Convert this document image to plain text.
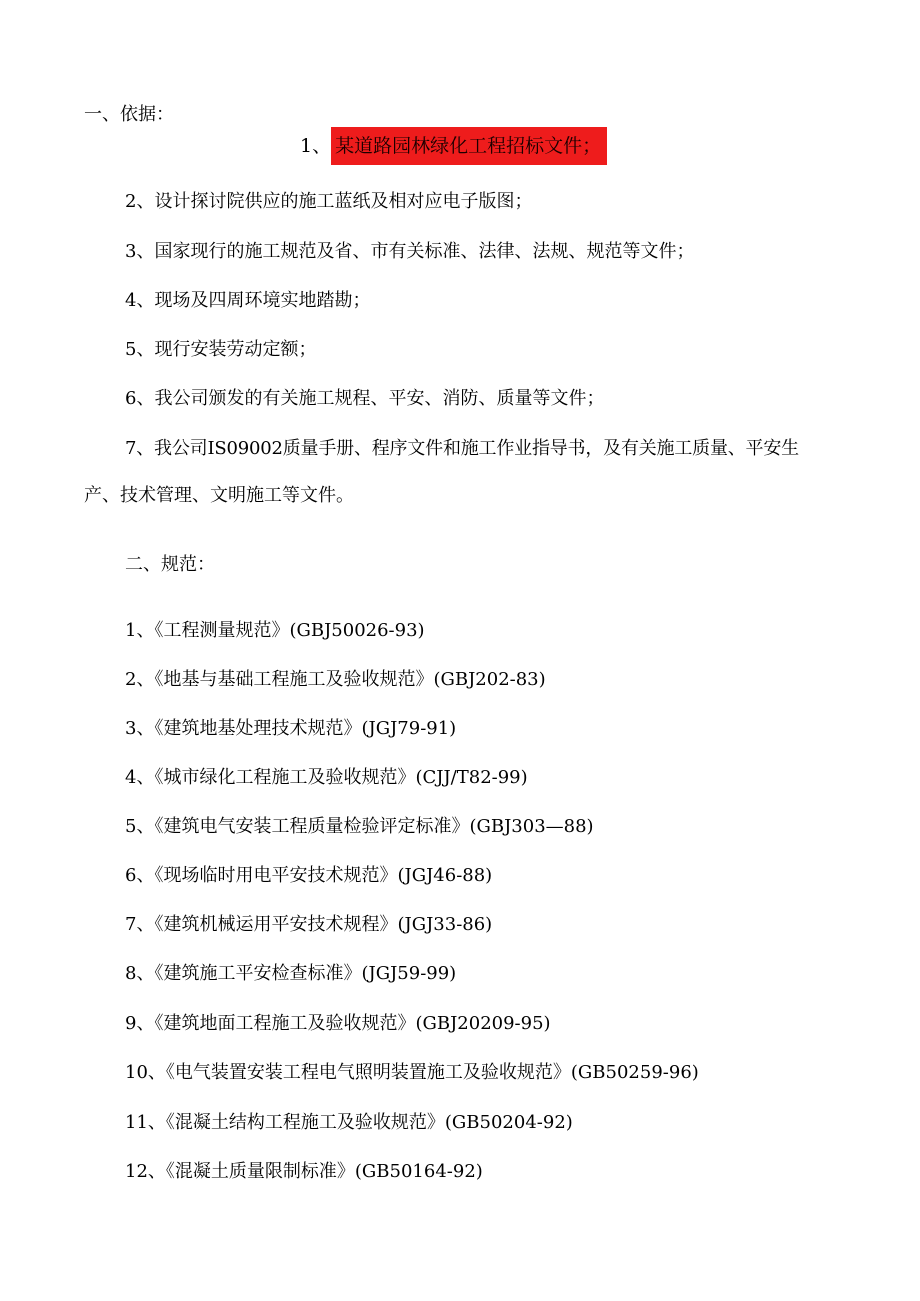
一、依据：
1、 某道路园林绿化工程招标文件；
2、设计探讨院供应的施工蓝纸及相对应电子版图；
3、国家现行的施工规范及省、市有关标准、法律、法规、规范等文件；
4、现场及四周环境实地踏勘；
5、现行安装劳动定额；
6、我公司颁发的有关施工规程、平安、消防、质量等文件；
7、我公司IS09002质量手册、程序文件和施工作业指导书，及有关施工质量、平安生
产、技术管理、文明施工等文件。
二、规范：
1、《工程测量规范》(GBJ50026-93)
2、《地基与基础工程施工及验收规范》(GBJ202-83)
3、《建筑地基处理技术规范》(JGJ79-91)
4、《城市绿化工程施工及验收规范》(CJJ/T82-99)
5、《建筑电气安装工程质量检验评定标准》(GBJ303—88)
6、《现场临时用电平安技术规范》(JGJ46-88)
7、《建筑机械运用平安技术规程》(JGJ33-86)
8、《建筑施工平安检查标准》(JGJ59-99)
9、《建筑地面工程施工及验收规范》(GBJ20209-95)
10、《电气装置安装工程电气照明装置施工及验收规范》(GB50259-96)
11、《混凝土结构工程施工及验收规范》(GB50204-92)
12、《混凝土质量限制标准》(GB50164-92)
